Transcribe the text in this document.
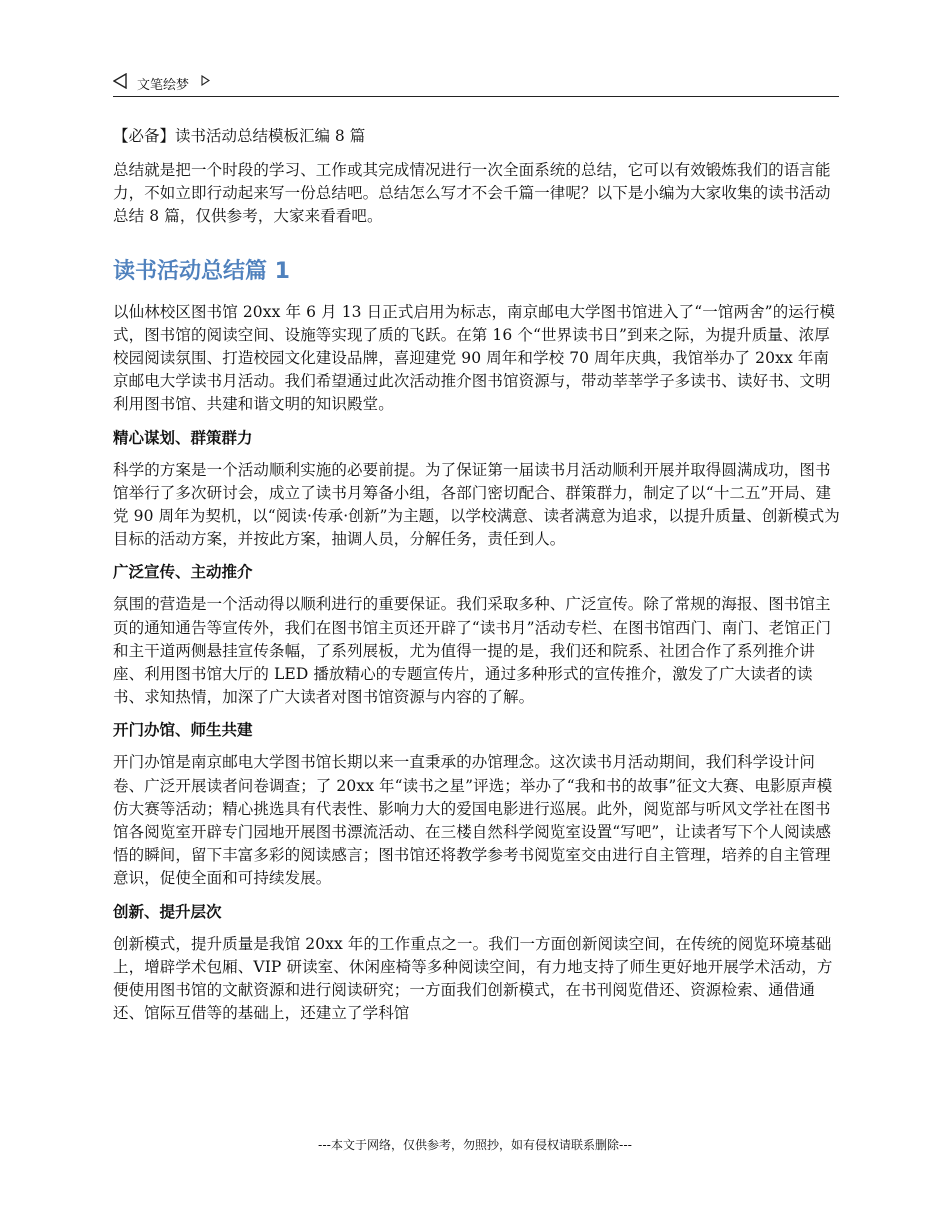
文笔绘梦
【必备】读书活动总结模板汇编 8 篇

总结就是把一个时段的学习、工作或其完成情况进行一次全面系统的总结，它可以有效锻炼我们的语言能力，不如立即行动起来写一份总结吧。总结怎么写才不会千篇一律呢？以下是小编为大家收集的读书活动总结 8 篇，仅供参考，大家来看看吧。

读书活动总结篇 1

以仙林校区图书馆 20xx 年 6 月 13 日正式启用为标志，南京邮电大学图书馆进入了“一馆两舍”的运行模式，图书馆的阅读空间、设施等实现了质的飞跃。在第 16 个“世界读书日”到来之际，为提升质量、浓厚校园阅读氛围、打造校园文化建设品牌，喜迎建党 90 周年和学校 70 周年庆典，我馆举办了 20xx 年南京邮电大学读书月活动。我们希望通过此次活动推介图书馆资源与，带动莘莘学子多读书、读好书、文明利用图书馆、共建和谐文明的知识殿堂。

精心谋划、群策群力

科学的方案是一个活动顺利实施的必要前提。为了保证第一届读书月活动顺利开展并取得圆满成功，图书馆举行了多次研讨会，成立了读书月筹备小组，各部门密切配合、群策群力，制定了以“十二五”开局、建党 90 周年为契机，以“阅读·传承·创新”为主题，以学校满意、读者满意为追求，以提升质量、创新模式为目标的活动方案，并按此方案，抽调人员，分解任务，责任到人。

广泛宣传、主动推介

氛围的营造是一个活动得以顺利进行的重要保证。我们采取多种、广泛宣传。除了常规的海报、图书馆主页的通知通告等宣传外，我们在图书馆主页还开辟了“读书月”活动专栏、在图书馆西门、南门、老馆正门和主干道两侧悬挂宣传条幅，了系列展板，尤为值得一提的是，我们还和院系、社团合作了系列推介讲座、利用图书馆大厅的 LED 播放精心的专题宣传片，通过多种形式的宣传推介，激发了广大读者的读书、求知热情，加深了广大读者对图书馆资源与内容的了解。

开门办馆、师生共建

开门办馆是南京邮电大学图书馆长期以来一直秉承的办馆理念。这次读书月活动期间，我们科学设计问卷、广泛开展读者问卷调查；了 20xx 年“读书之星”评选；举办了“我和书的故事”征文大赛、电影原声模仿大赛等活动；精心挑选具有代表性、影响力大的爱国电影进行巡展。此外，阅览部与听风文学社在图书馆各阅览室开辟专门园地开展图书漂流活动、在三楼自然科学阅览室设置“写吧”，让读者写下个人阅读感悟的瞬间，留下丰富多彩的阅读感言；图书馆还将教学参考书阅览室交由进行自主管理，培养的自主管理意识，促使全面和可持续发展。

创新、提升层次

创新模式，提升质量是我馆 20xx 年的工作重点之一。我们一方面创新阅读空间，在传统的阅览环境基础上，增辟学术包厢、VIP 研读室、休闲座椅等多种阅读空间，有力地支持了师生更好地开展学术活动，方便使用图书馆的文献资源和进行阅读研究；一方面我们创新模式，在书刊阅览借还、资源检索、通借通还、馆际互借等的基础上，还建立了学科馆

---本文于网络，仅供参考，勿照抄，如有侵权请联系删除---
